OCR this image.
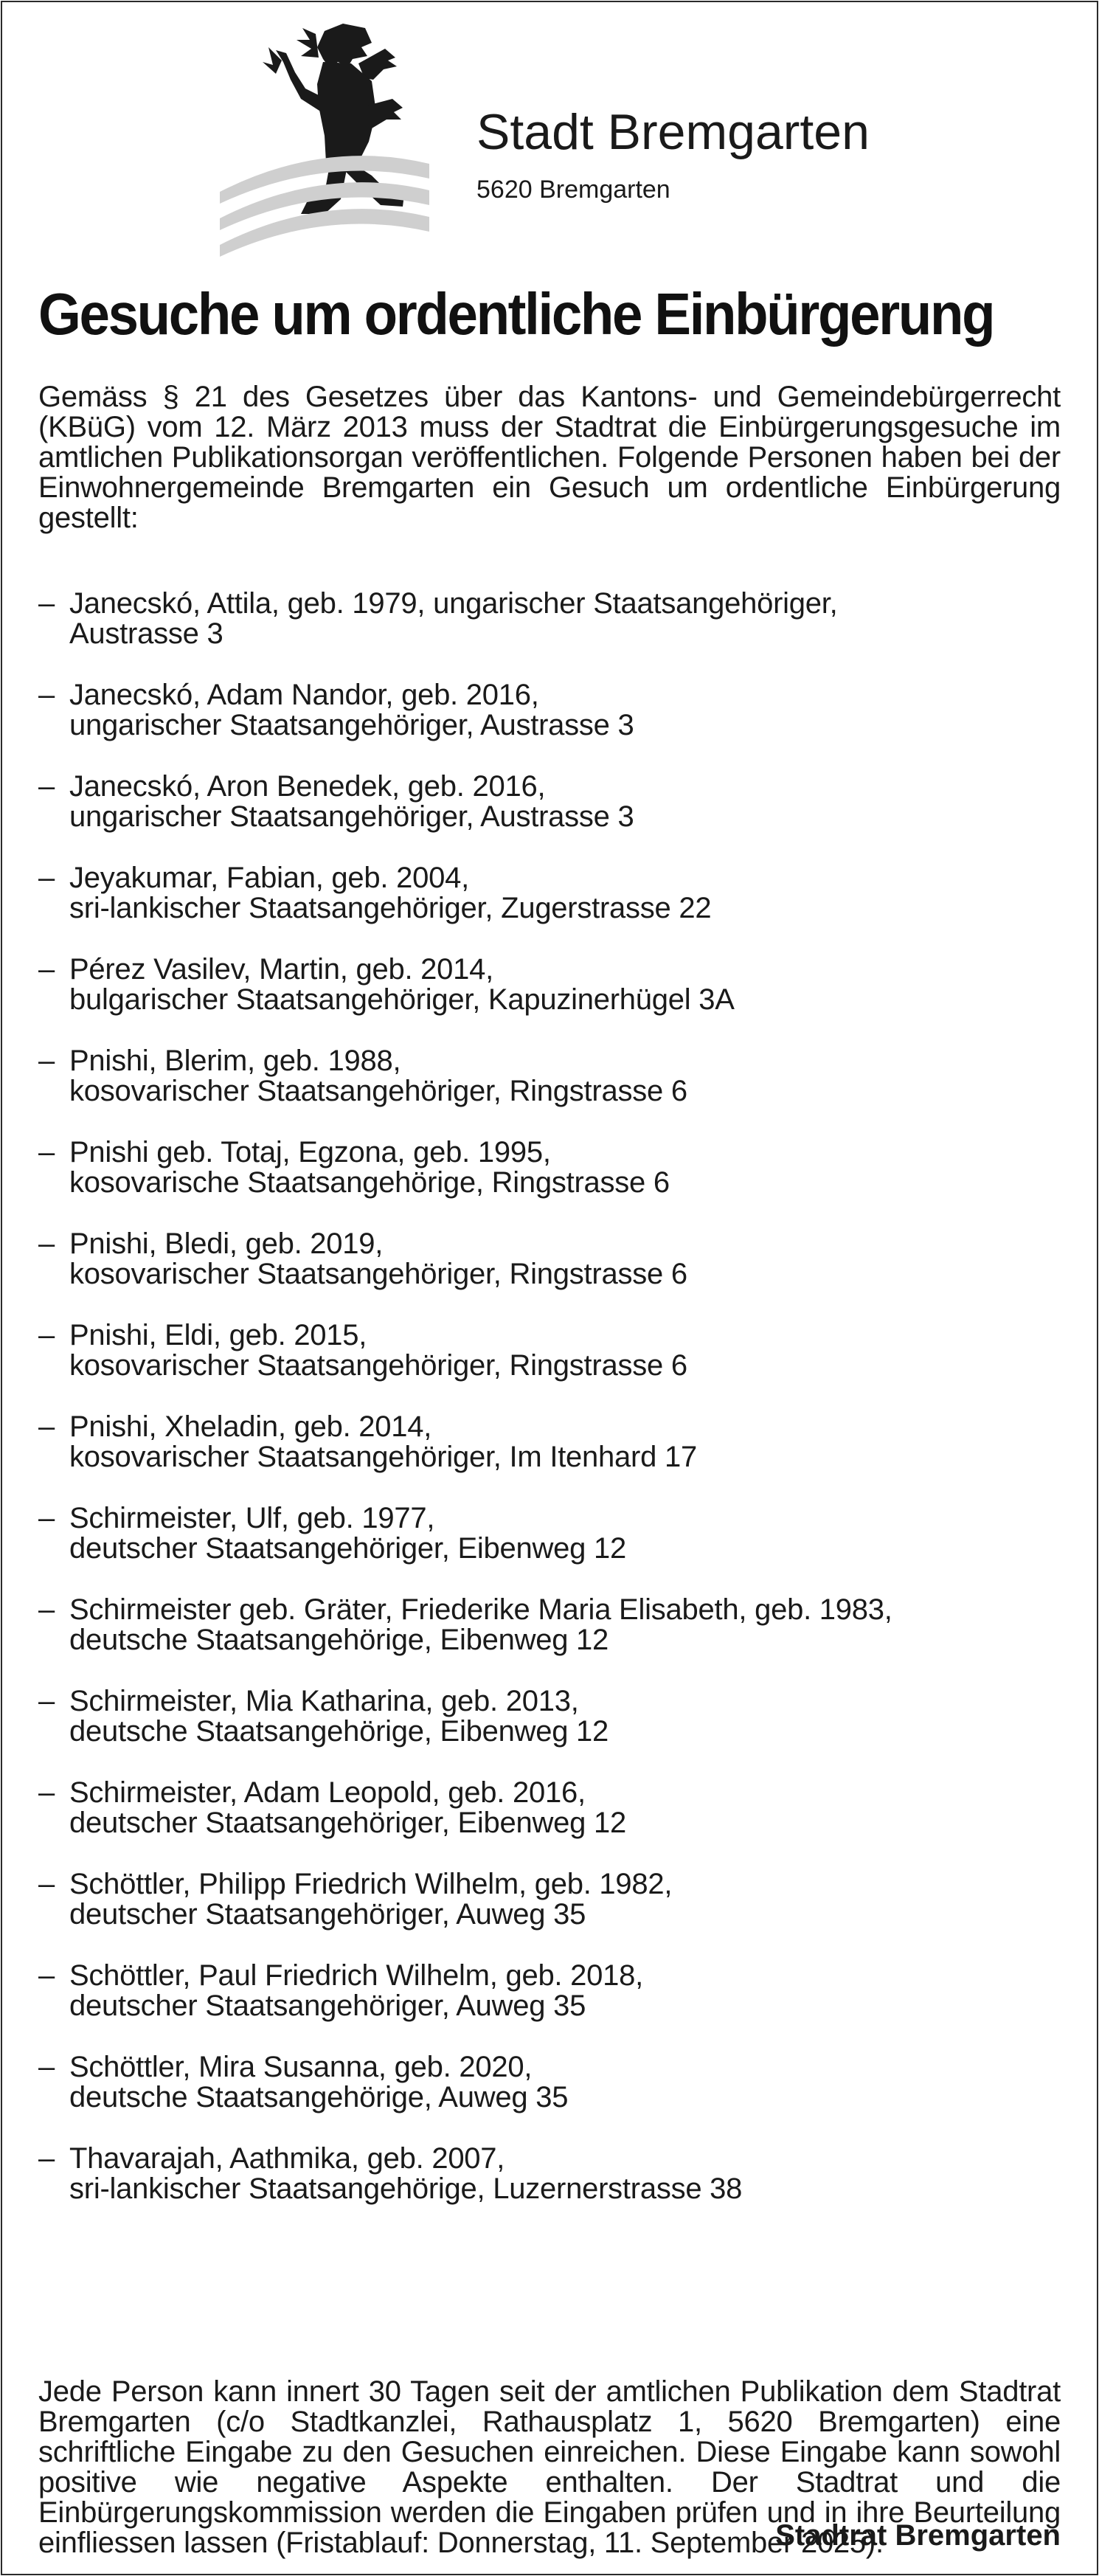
Stadt Bremgarten
5620 Bremgarten
Gesuche um ordentliche Einbürgerung

Gemäss § 21 des Gesetzes über das Kantons- und Gemeindebürgerrecht (KBüG) vom 12. März 2013 muss der Stadtrat die Einbürgerungsgesuche im amtlichen Publikationsorgan veröffentlichen. Folgende Personen haben bei der Einwohnergemeinde Bremgarten ein Gesuch um ordentliche Einbürgerung gestellt:

– Janecskó, Attila, geb. 1979, ungarischer Staatsangehöriger,
Austrasse 3
– Janecskó, Adam Nandor, geb. 2016,
ungarischer Staatsangehöriger, Austrasse 3
– Janecskó, Aron Benedek, geb. 2016,
ungarischer Staatsangehöriger, Austrasse 3
– Jeyakumar, Fabian, geb. 2004,
sri-lankischer Staatsangehöriger, Zugerstrasse 22
– Pérez Vasilev, Martin, geb. 2014,
bulgarischer Staatsangehöriger, Kapuzinerhügel 3A
– Pnishi, Blerim, geb. 1988,
kosovarischer Staatsangehöriger, Ringstrasse 6
– Pnishi geb. Totaj, Egzona, geb. 1995,
kosovarische Staatsangehörige, Ringstrasse 6
– Pnishi, Bledi, geb. 2019,
kosovarischer Staatsangehöriger, Ringstrasse 6
– Pnishi, Eldi, geb. 2015,
kosovarischer Staatsangehöriger, Ringstrasse 6
– Pnishi, Xheladin, geb. 2014,
kosovarischer Staatsangehöriger, Im Itenhard 17
– Schirmeister, Ulf, geb. 1977,
deutscher Staatsangehöriger, Eibenweg 12
– Schirmeister geb. Gräter, Friederike Maria Elisabeth, geb. 1983,
deutsche Staatsangehörige, Eibenweg 12
– Schirmeister, Mia Katharina, geb. 2013,
deutsche Staatsangehörige, Eibenweg 12
– Schirmeister, Adam Leopold, geb. 2016,
deutscher Staatsangehöriger, Eibenweg 12
– Schöttler, Philipp Friedrich Wilhelm, geb. 1982,
deutscher Staatsangehöriger, Auweg 35
– Schöttler, Paul Friedrich Wilhelm, geb. 2018,
deutscher Staatsangehöriger, Auweg 35
– Schöttler, Mira Susanna, geb. 2020,
deutsche Staatsangehörige, Auweg 35
– Thavarajah, Aathmika, geb. 2007,
sri-lankischer Staatsangehörige, Luzernerstrasse 38

Jede Person kann innert 30 Tagen seit der amtlichen Publikation dem Stadtrat Bremgarten (c/o Stadtkanzlei, Rathausplatz 1, 5620 Bremgarten) eine schriftliche Eingabe zu den Gesuchen einreichen. Diese Eingabe kann sowohl positive wie negative Aspekte enthalten. Der Stadtrat und die Einbürgerungskommission werden die Eingaben prüfen und in ihre Beurteilung einfliessen lassen (Fristablauf: Donnerstag, 11. September 2025).

Stadtrat Bremgarten
